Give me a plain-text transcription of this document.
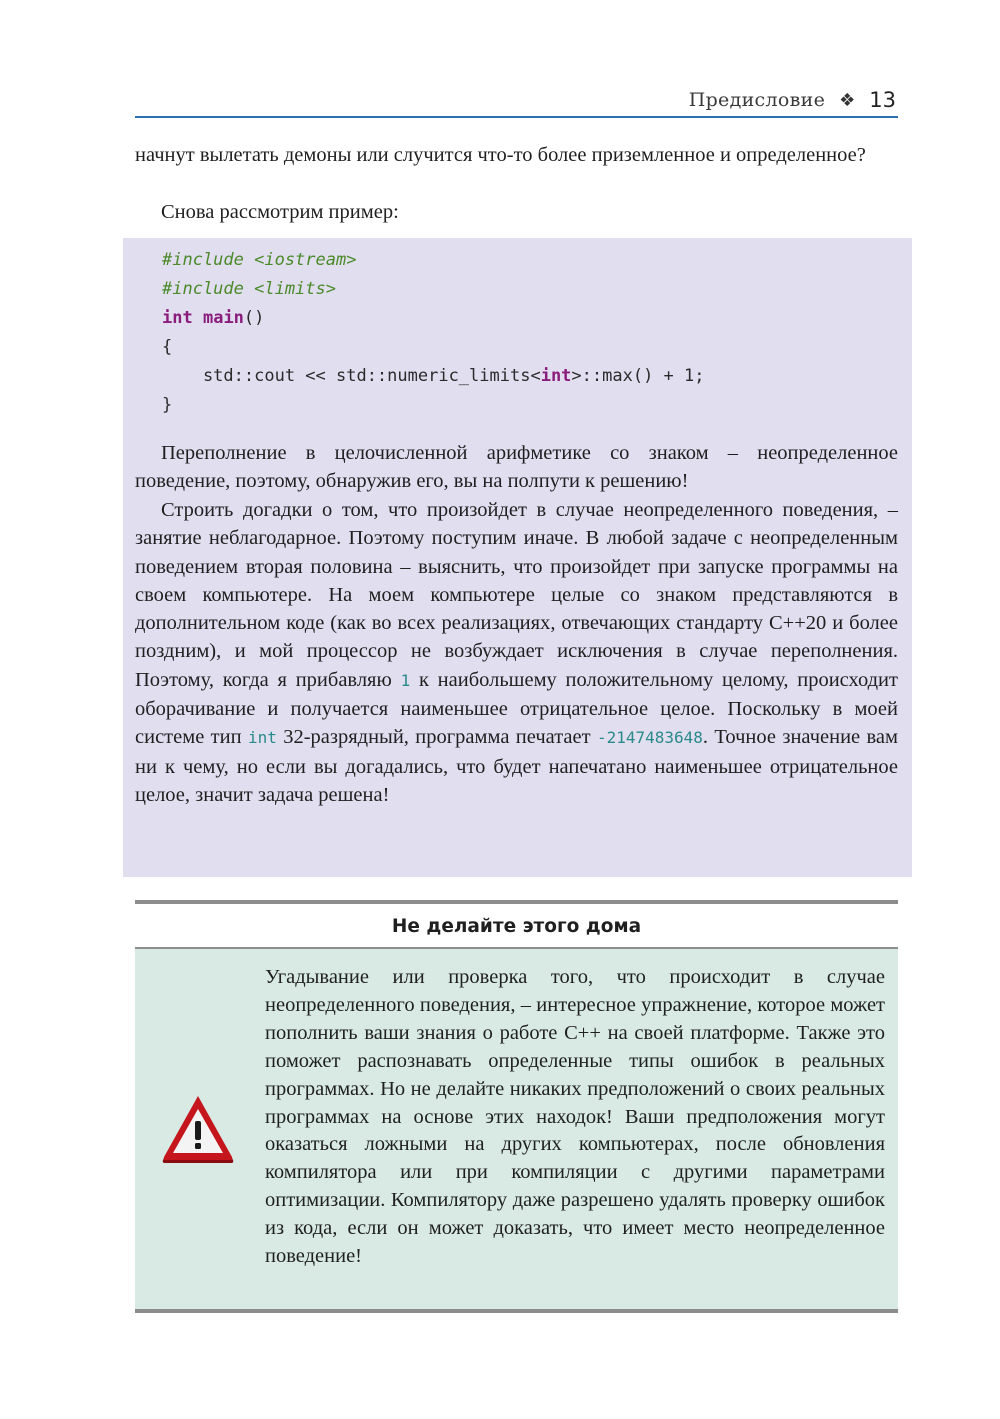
Предисловие ❖ 13

начнут вылетать демоны или случится что-то более приземленное и определенное?

Снова рассмотрим пример:

#include <iostream>
#include <limits>
int main()
{
std::cout << std::numeric_limits<int>::max() + 1;
}

Переполнение в целочисленной арифметике со знаком – неопределенное поведение, поэтому, обнаружив его, вы на полпути к решению!

Строить догадки о том, что произойдет в случае неопределенного поведения, – занятие неблагодарное. Поэтому поступим иначе. В любой задаче с неопределенным поведением вторая половина – выяснить, что произойдет при запуске программы на своем компьютере. На моем компьютере целые со знаком представляются в дополнительном коде (как во всех реализациях, отвечающих стандарту С++20 и более поздним), и мой процессор не возбуждает исключения в случае переполнения. Поэтому, когда я прибавляю 1 к наибольшему положительному целому, происходит оборачивание и получается наименьшее отрицательное целое. Поскольку в моей системе тип int 32-разрядный, программа печатает -2147483648. Точное значение вам ни к чему, но если вы догадались, что будет напечатано наименьшее отрицательное целое, значит задача решена!

Не делайте этого дома

Угадывание или проверка того, что происходит в случае неопределенного поведения, – интересное упражнение, которое может пополнить ваши знания о работе С++ на своей платформе. Также это поможет распознавать определенные типы ошибок в реальных программах. Но не делайте никаких предположений о своих реальных программах на основе этих находок! Ваши предположения могут оказаться ложными на других компьютерах, после обновления компилятора или при компиляции с другими параметрами оптимизации. Компилятору даже разрешено удалять проверку ошибок из кода, если он может доказать, что имеет место неопределенное поведение!
